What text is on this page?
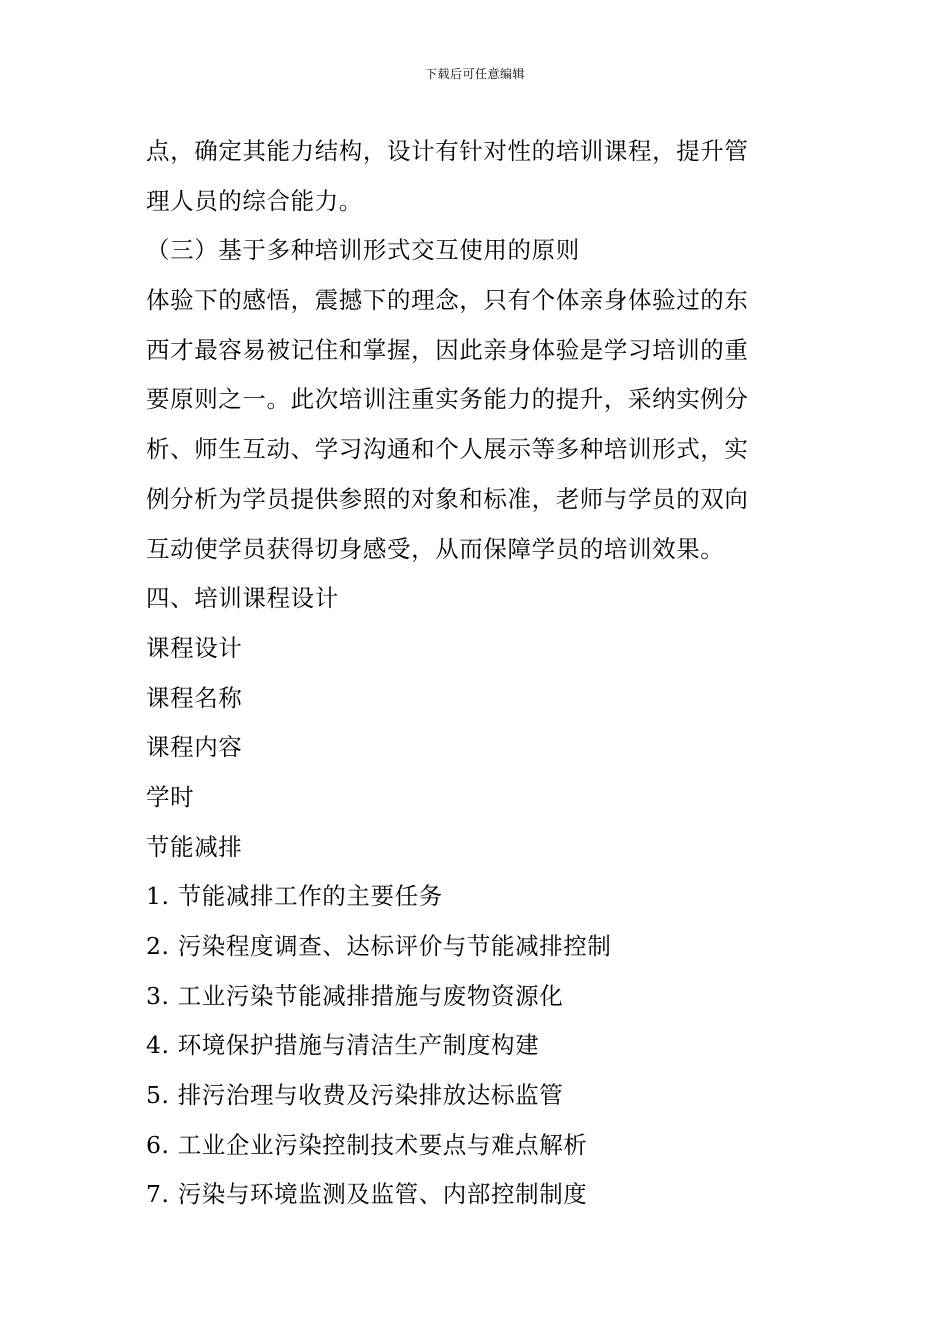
下载后可任意编辑
点，确定其能力结构，设计有针对性的培训课程，提升管
理人员的综合能力。
（三）基于多种培训形式交互使用的原则
体验下的感悟，震撼下的理念，只有个体亲身体验过的东
西才最容易被记住和掌握，因此亲身体验是学习培训的重
要原则之一。此次培训注重实务能力的提升，采纳实例分
析、师生互动、学习沟通和个人展示等多种培训形式，实
例分析为学员提供参照的对象和标准，老师与学员的双向
互动使学员获得切身感受，从而保障学员的培训效果。
四、培训课程设计
课程设计
课程名称
课程内容
学时
节能减排
1. 节能减排工作的主要任务
2. 污染程度调查、达标评价与节能减排控制
3. 工业污染节能减排措施与废物资源化
4. 环境保护措施与清洁生产制度构建
5. 排污治理与收费及污染排放达标监管
6. 工业企业污染控制技术要点与难点解析
7. 污染与环境监测及监管、内部控制制度
